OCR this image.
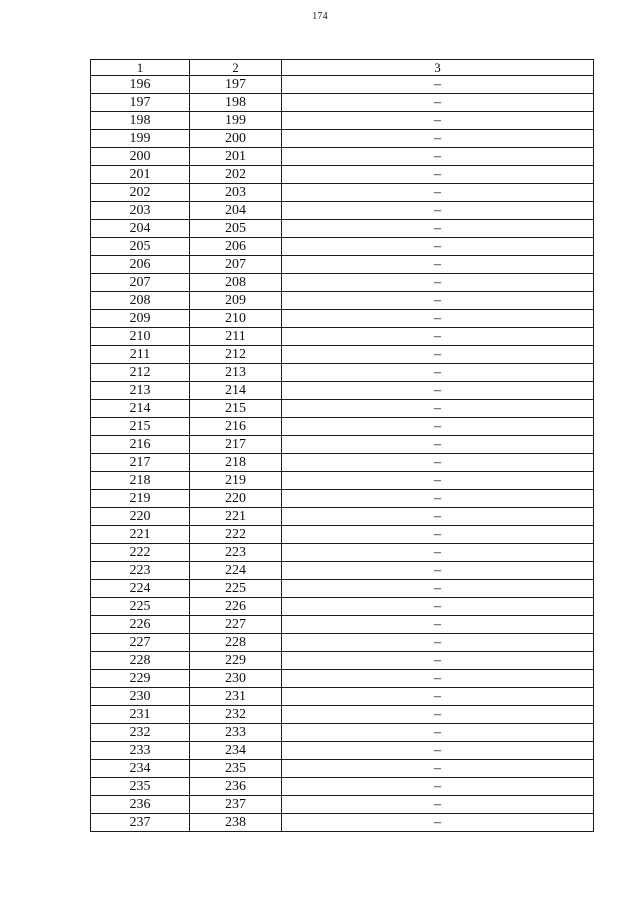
174
1	2	3
196	197	–
197	198	–
198	199	–
199	200	–
200	201	–
201	202	–
202	203	–
203	204	–
204	205	–
205	206	–
206	207	–
207	208	–
208	209	–
209	210	–
210	211	–
211	212	–
212	213	–
213	214	–
214	215	–
215	216	–
216	217	–
217	218	–
218	219	–
219	220	–
220	221	–
221	222	–
222	223	–
223	224	–
224	225	–
225	226	–
226	227	–
227	228	–
228	229	–
229	230	–
230	231	–
231	232	–
232	233	–
233	234	–
234	235	–
235	236	–
236	237	–
237	238	–
